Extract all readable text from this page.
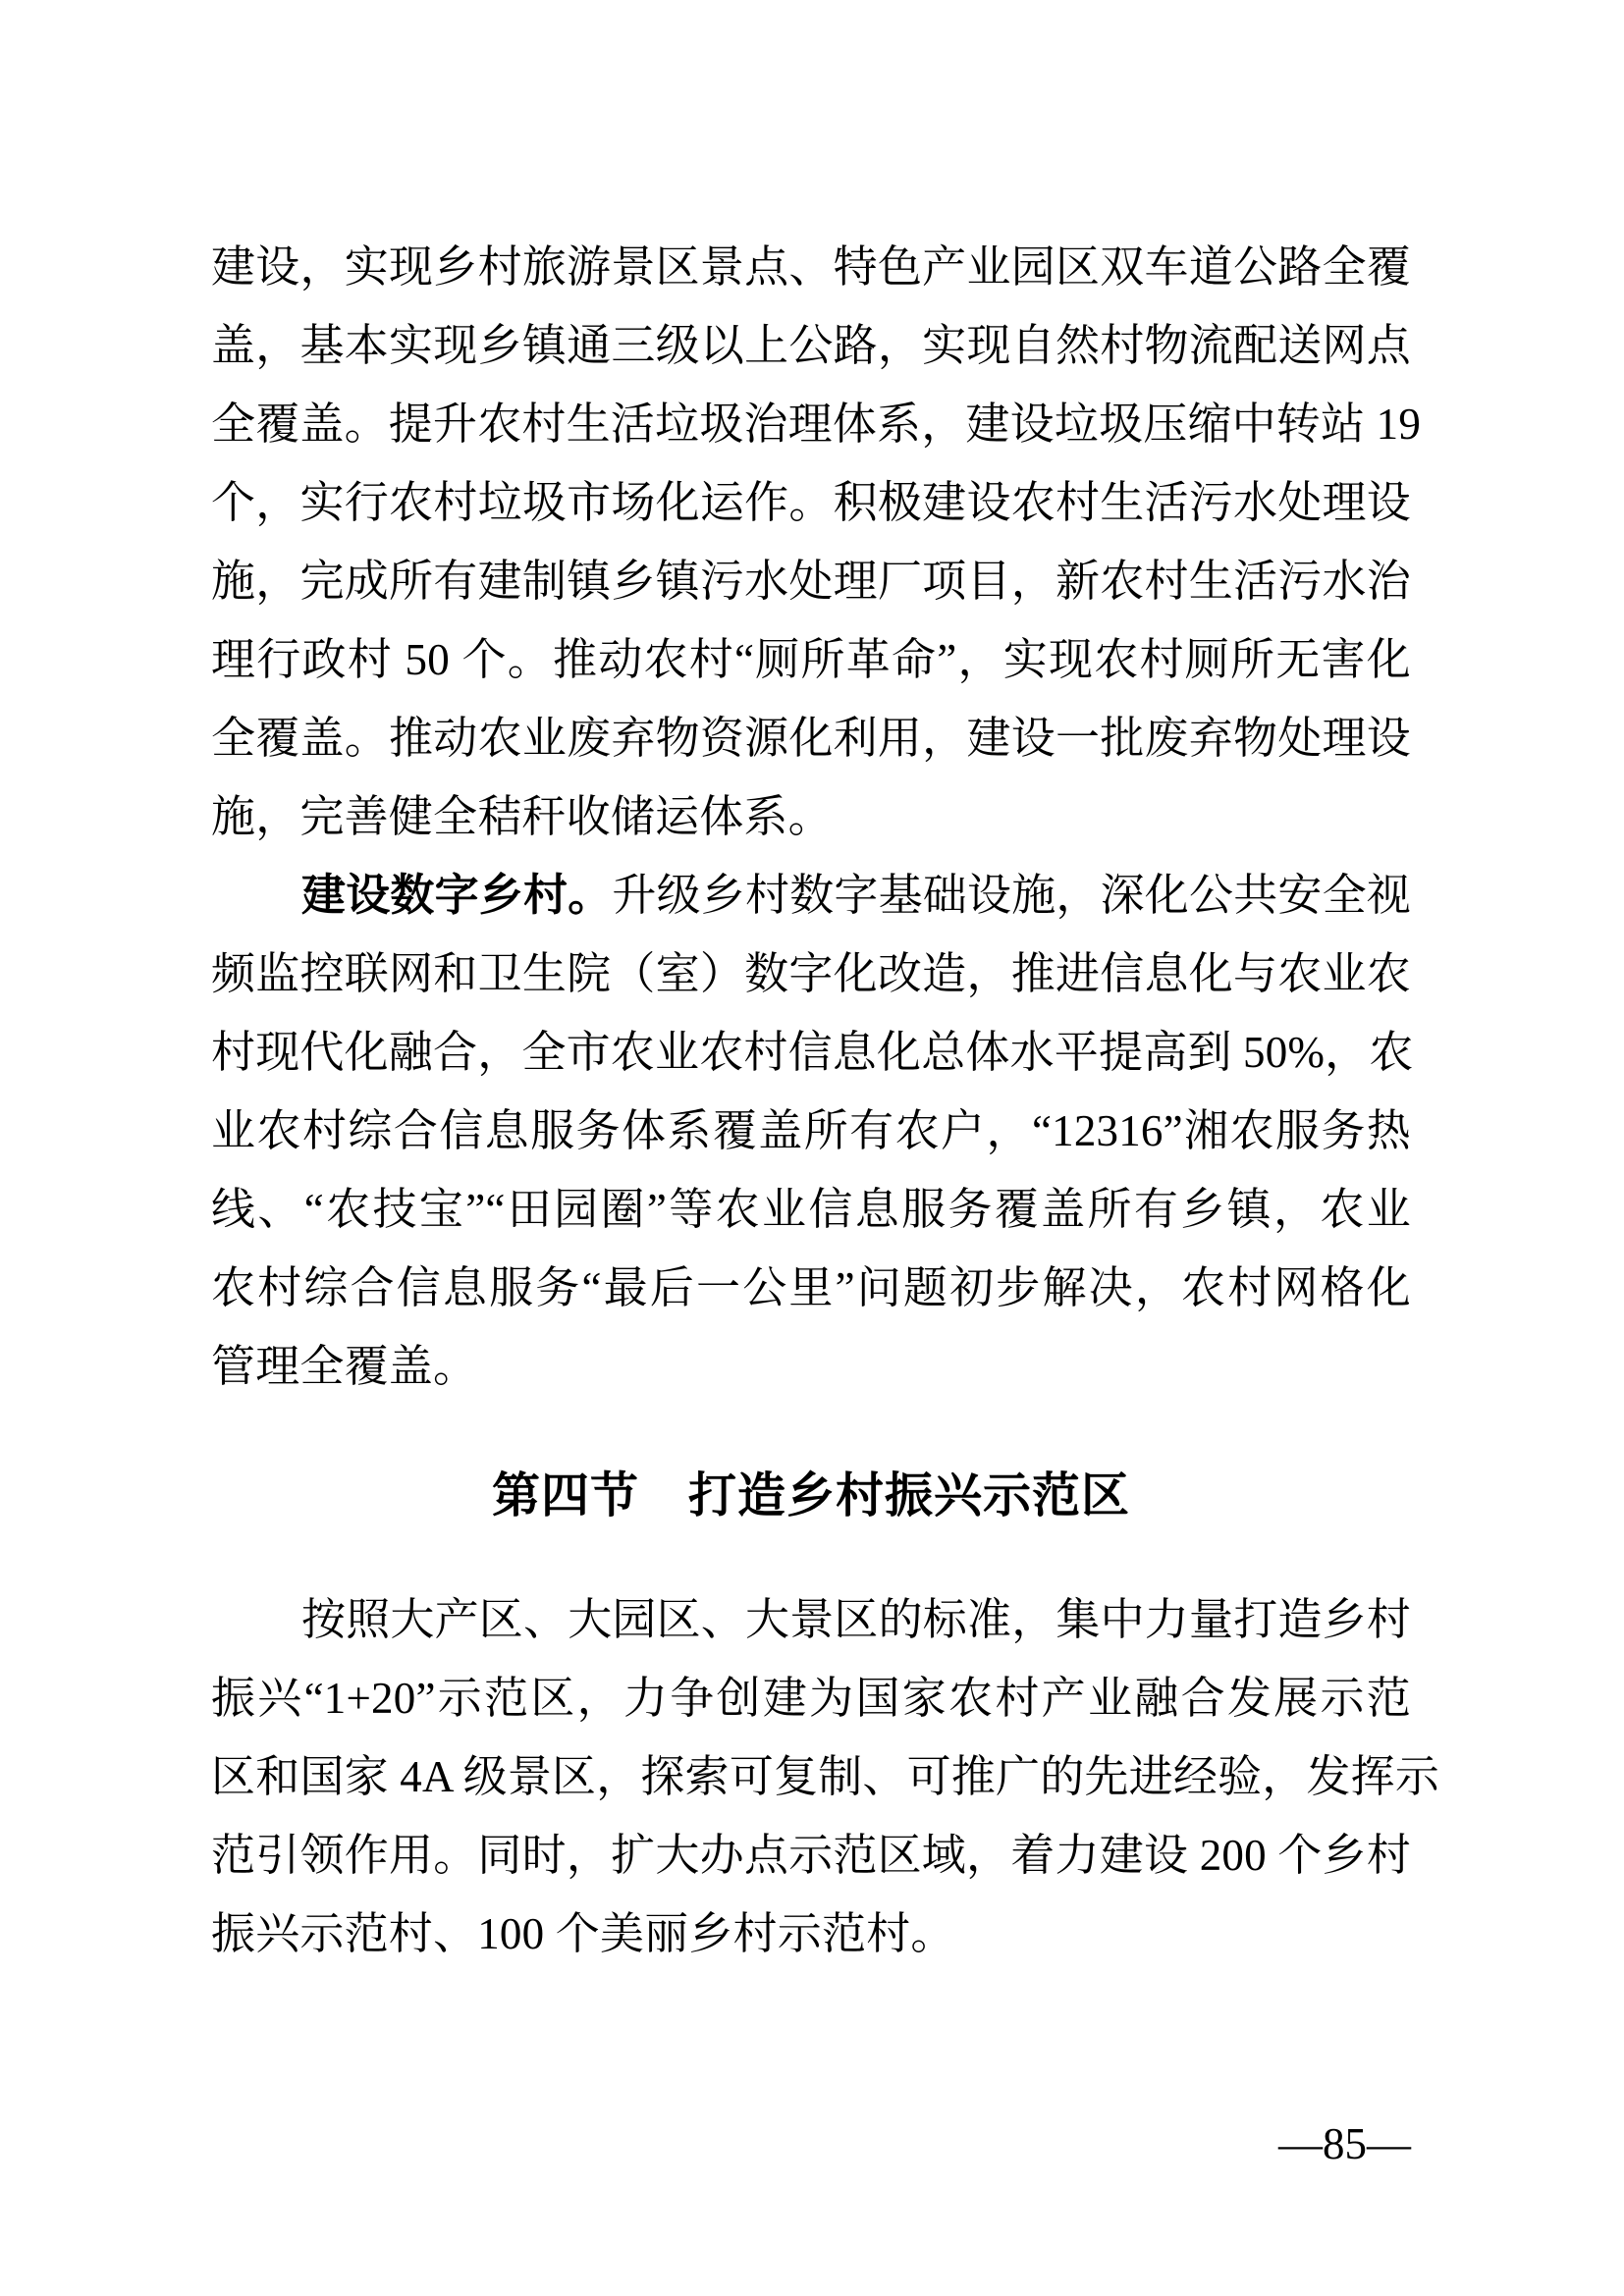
建设，实现乡村旅游景区景点、特色产业园区双车道公路全覆
盖，基本实现乡镇通三级以上公路，实现自然村物流配送网点
全覆盖。提升农村生活垃圾治理体系，建设垃圾压缩中转站 19
个，实行农村垃圾市场化运作。积极建设农村生活污水处理设
施，完成所有建制镇乡镇污水处理厂项目，新农村生活污水治
理行政村 50 个。推动农村“厕所革命”，实现农村厕所无害化
全覆盖。推动农业废弃物资源化利用，建设一批废弃物处理设
施，完善健全秸秆收储运体系。
建设数字乡村。升级乡村数字基础设施，深化公共安全视
频监控联网和卫生院（室）数字化改造，推进信息化与农业农
村现代化融合，全市农业农村信息化总体水平提高到 50%，农
业农村综合信息服务体系覆盖所有农户，“12316”湘农服务热
线、“农技宝”“田园圈”等农业信息服务覆盖所有乡镇，农业
农村综合信息服务“最后一公里”问题初步解决，农村网格化
管理全覆盖。
第四节　打造乡村振兴示范区
按照大产区、大园区、大景区的标准，集中力量打造乡村
振兴“1+20”示范区，力争创建为国家农村产业融合发展示范
区和国家 4A 级景区，探索可复制、可推广的先进经验，发挥示
范引领作用。同时，扩大办点示范区域，着力建设 200 个乡村
振兴示范村、100 个美丽乡村示范村。
—85—
